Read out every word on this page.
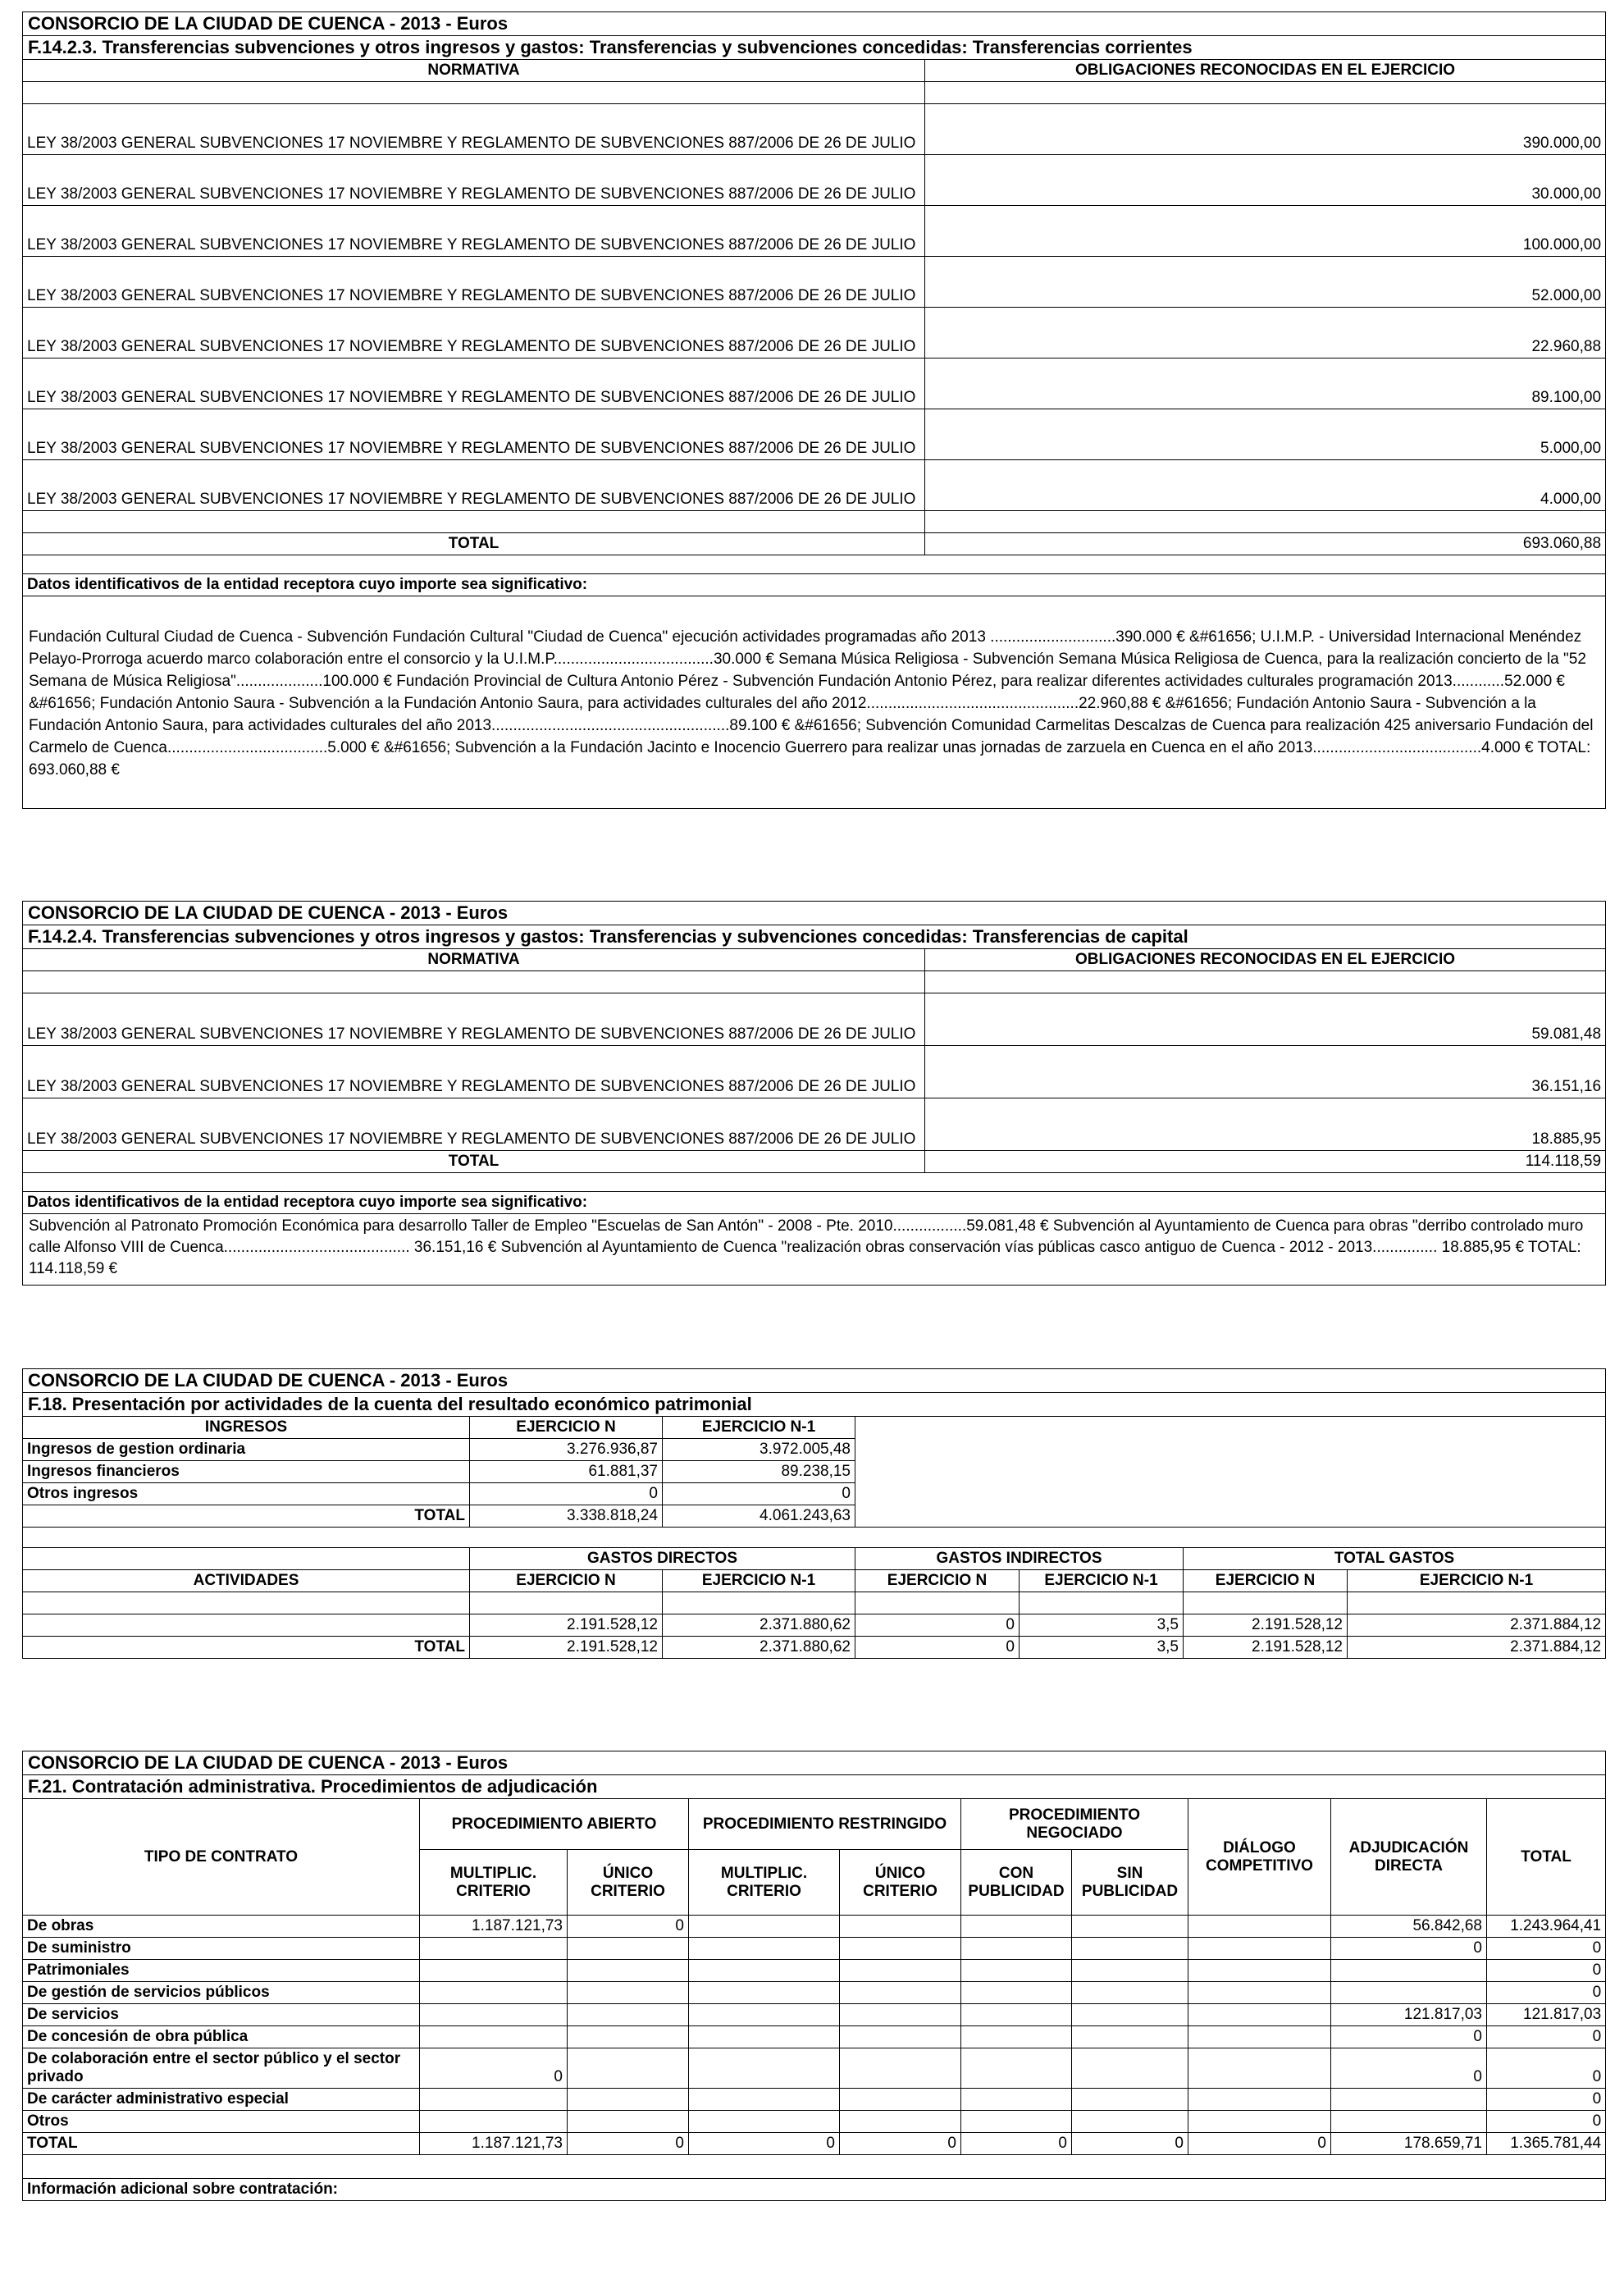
CONSORCIO DE LA CIUDAD DE CUENCA - 2013 - Euros	
F.14.2.3. Transferencias subvenciones y otros ingresos y gastos: Transferencias y subvenciones concedidas: Transferencias corrientes	
NORMATIVA	OBLIGACIONES RECONOCIDAS EN EL EJERCICIO

LEY 38/2003 GENERAL SUBVENCIONES 17 NOVIEMBRE Y REGLAMENTO DE SUBVENCIONES 887/2006 DE 26 DE JULIO	390.000,00
LEY 38/2003 GENERAL SUBVENCIONES 17 NOVIEMBRE Y REGLAMENTO DE SUBVENCIONES 887/2006 DE 26 DE JULIO	30.000,00
LEY 38/2003 GENERAL SUBVENCIONES 17 NOVIEMBRE Y REGLAMENTO DE SUBVENCIONES 887/2006 DE 26 DE JULIO	100.000,00
LEY 38/2003 GENERAL SUBVENCIONES 17 NOVIEMBRE Y REGLAMENTO DE SUBVENCIONES 887/2006 DE 26 DE JULIO	52.000,00
LEY 38/2003 GENERAL SUBVENCIONES 17 NOVIEMBRE Y REGLAMENTO DE SUBVENCIONES 887/2006 DE 26 DE JULIO	22.960,88
LEY 38/2003 GENERAL SUBVENCIONES 17 NOVIEMBRE Y REGLAMENTO DE SUBVENCIONES 887/2006 DE 26 DE JULIO	89.100,00
LEY 38/2003 GENERAL SUBVENCIONES 17 NOVIEMBRE Y REGLAMENTO DE SUBVENCIONES 887/2006 DE 26 DE JULIO	5.000,00
LEY 38/2003 GENERAL SUBVENCIONES 17 NOVIEMBRE Y REGLAMENTO DE SUBVENCIONES 887/2006 DE 26 DE JULIO	4.000,00

TOTAL	693.060,88

Datos identificativos de la entidad receptora cuyo importe sea significativo:	

Fundación Cultural Ciudad de Cuenca - Subvención Fundación Cultural "Ciudad de Cuenca" ejecución actividades programadas año 2013 .............................390.000 € &#61656; U.I.M.P. - Universidad Internacional Menéndez Pelayo-Prorroga acuerdo marco colaboración entre el consorcio y la U.I.M.P.....................................30.000 € Semana Música Religiosa - Subvención Semana Música Religiosa de Cuenca, para la realización concierto de la "52 Semana de Música Religiosa"....................100.000 € Fundación Provincial de Cultura Antonio Pérez - Subvención Fundación Antonio Pérez, para realizar diferentes actividades culturales programación 2013............52.000 € &#61656; Fundación Antonio Saura - Subvención a la Fundación Antonio Saura, para actividades culturales del año 2012.................................................22.960,88 € &#61656; Fundación Antonio Saura - Subvención a la Fundación Antonio Saura, para actividades culturales del año 2013.......................................................89.100 € &#61656; Subvención Comunidad Carmelitas Descalzas de Cuenca para realización 425 aniversario Fundación del Carmelo de Cuenca.....................................5.000 € &#61656; Subvención a la Fundación Jacinto e Inocencio Guerrero para realizar unas jornadas de zarzuela en Cuenca en el año 2013.......................................4.000 € TOTAL: 693.060,88 €	
CONSORCIO DE LA CIUDAD DE CUENCA - 2013 - Euros	
F.14.2.4. Transferencias subvenciones y otros ingresos y gastos: Transferencias y subvenciones concedidas: Transferencias de capital	
NORMATIVA	OBLIGACIONES RECONOCIDAS EN EL EJERCICIO

LEY 38/2003 GENERAL SUBVENCIONES 17 NOVIEMBRE Y REGLAMENTO DE SUBVENCIONES 887/2006 DE 26 DE JULIO	59.081,48
LEY 38/2003 GENERAL SUBVENCIONES 17 NOVIEMBRE Y REGLAMENTO DE SUBVENCIONES 887/2006 DE 26 DE JULIO	36.151,16
LEY 38/2003 GENERAL SUBVENCIONES 17 NOVIEMBRE Y REGLAMENTO DE SUBVENCIONES 887/2006 DE 26 DE JULIO	18.885,95
TOTAL	114.118,59

Datos identificativos de la entidad receptora cuyo importe sea significativo:	
Subvención al Patronato Promoción Económica para desarrollo Taller de Empleo "Escuelas de San Antón" - 2008 - Pte. 2010.................59.081,48 € Subvención al Ayuntamiento de Cuenca para obras "derribo controlado muro calle Alfonso VIII de Cuenca........................................... 36.151,16 € Subvención al Ayuntamiento de Cuenca "realización obras conservación vías públicas casco antiguo de Cuenca - 2012 - 2013............... 18.885,95 € TOTAL: 114.118,59 €	
CONSORCIO DE LA CIUDAD DE CUENCA - 2013 - Euros						
F.18. Presentación por actividades de la cuenta del resultado económico patrimonial						
INGRESOS	EJERCICIO N	EJERCICIO N-1				
Ingresos de gestion ordinaria	3.276.936,87	3.972.005,48				
Ingresos financieros	61.881,37	89.238,15				
Otros ingresos	0	0				
TOTAL	3.338.818,24	4.061.243,63				

	GASTOS DIRECTOS		GASTOS INDIRECTOS		TOTAL GASTOS	
ACTIVIDADES	EJERCICIO N	EJERCICIO N-1	EJERCICIO N	EJERCICIO N-1	EJERCICIO N	EJERCICIO N-1

	2.191.528,12	2.371.880,62	0	3,5	2.191.528,12	2.371.884,12
TOTAL	2.191.528,12	2.371.880,62	0	3,5	2.191.528,12	2.371.884,12
CONSORCIO DE LA CIUDAD DE CUENCA - 2013 - Euros									
F.21. Contratación administrativa. Procedimientos de adjudicación									
TIPO DE CONTRATO	PROCEDIMIENTO ABIERTO		PROCEDIMIENTO RESTRINGIDO		PROCEDIMIENTO NEGOCIADO		DIÁLOGO COMPETITIVO	ADJUDICACIÓN DIRECTA	TOTAL
	MULTIPLIC. CRITERIO	ÚNICO CRITERIO	MULTIPLIC. CRITERIO	ÚNICO CRITERIO	CON PUBLICIDAD	SIN PUBLICIDAD			
De obras	1.187.121,73	0						56.842,68	1.243.964,41
De suministro								0	0
Patrimoniales									0
De gestión de servicios públicos									0
De servicios								121.817,03	121.817,03
De concesión de obra pública								0	0
De colaboración entre el sector público y el sector privado	0							0	0
De carácter administrativo especial									0
Otros									0
TOTAL	1.187.121,73	0	0	0	0	0	0	178.659,71	1.365.781,44

Información adicional sobre contratación:									
